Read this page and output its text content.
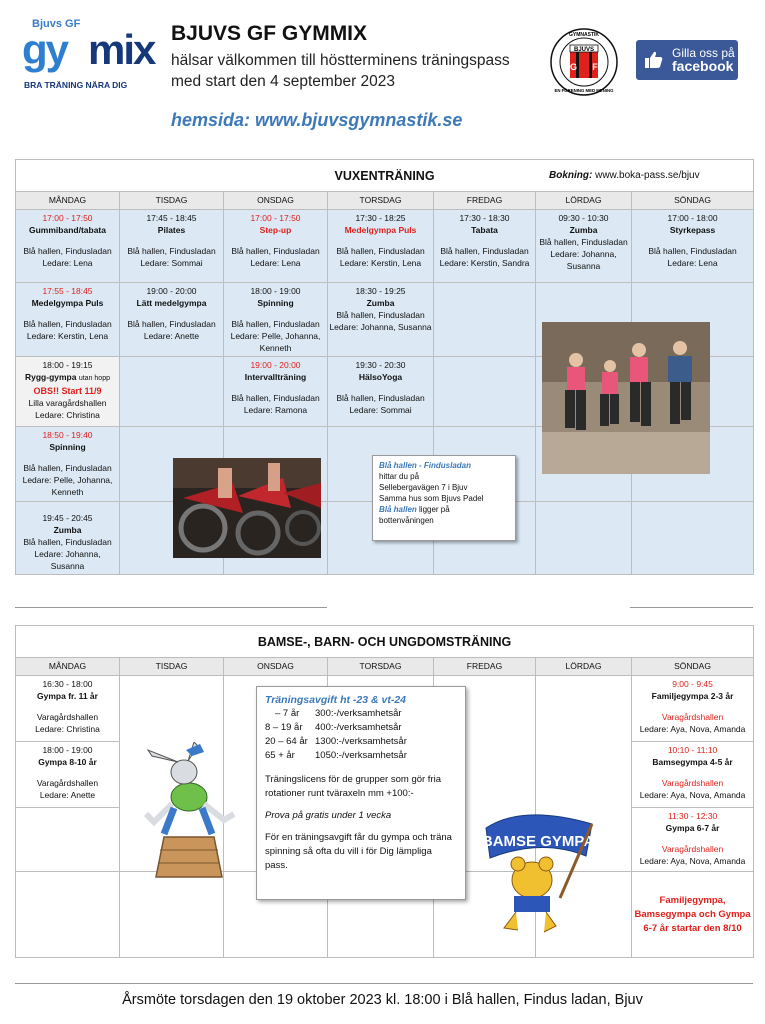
Bjuvs GF
gy mix
BRA TRÄNING NÄRA DIG
BJUVS GF GYMMIX
hälsar välkommen till höstterminens träningspass
med start den 4 september 2023
hemsida: www.bjuvsgymnastik.se
BJUVS
G F
GYMNASTIK
EN FÖRENING MED MENING
Gilla oss på
facebook
VUXENTRÄNING						
MÅNDAG	TISDAG	ONSDAG	TORSDAG	FREDAG	LÖRDAG	SÖNDAG

17:00 - 17:50
Gummiband/tabata
Blå hallen, Findusladan
Ledare: Lena	17:45 - 18:45
Pilates
Blå hallen, Findusladan
Ledare: Sommai	17:00 - 17:50
Step-up
Blå hallen, Findusladan
Ledare: Lena	17:30 - 18:25
Medelgympa Puls
Blå hallen, Findusladan
Ledare: Kerstin, Lena	17:30 - 18:30
Tabata
Blå hallen, Findusladan
Ledare: Kerstin, Sandra	09:30 - 10:30
Zumba
Blå hallen, Findusladan
Ledare: Johanna, Susanna	17:00 - 18:00
Styrkepass
Blå hallen, Findusladan
Ledare: Lena

17:55 - 18:45
Medelgympa Puls
Blå hallen, Findusladan
Ledare: Kerstin, Lena	19:00 - 20:00
Lätt medelgympa
Blå hallen, Findusladan
Ledare: Anette	18:00 - 19:00
Spinning
Blå hallen, Findusladan
Ledare: Pelle, Johanna, Kenneth	18:30 - 19:25
Zumba
Blå hallen, Findusladan
Ledare: Johanna, Susanna			

18:00 - 19:15
Rygg-gympa utan hopp
OBS!! Start 11/9
Lilla varagårdshallen
Ledare: Christina		19:00 - 20:00
Intervallträning
Blå hallen, Findusladan
Ledare: Ramona	19:30 - 20:30
HälsoYoga
Blå hallen, Findusladan
Ledare: Sommai			

18:50 - 19:40
Spinning
Blå hallen, Findusladan
Ledare: Pelle, Johanna, Kenneth						

19:45 - 20:45
Zumba
Blå hallen, Findusladan
Ledare: Johanna, Susanna						
Bokning: www.boka-pass.se/bjuv
Blå hallen - Findusladan
hittar du på
Sellebergavägen 7 i Bjuv
Samma hus som Bjuvs Padel
Blå hallen ligger på
bottenvåningen
BAMSE-, BARN- OCH UNGDOMSTRÄNING						
MÅNDAG	TISDAG	ONSDAG	TORSDAG	FREDAG	LÖRDAG	SÖNDAG

16:30 - 18:00
Gympa fr. 11 år
Varagårdshallen
Ledare: Christina						9:00 - 9:45
Familjegympa 2-3 år
Varagårdshallen
Ledare: Aya, Nova, Amanda

18:00 - 19:00
Gympa 8-10 år
Varagårdshallen
Ledare: Anette						10:10 - 11:10
Bamsegympa 4-5 år
Varagårdshallen
Ledare: Aya, Nova, Amanda

						11:30 - 12:30
Gympa 6-7 år
Varagårdshallen
Ledare: Aya, Nova, Amanda
						Familjegympa, Bamsegympa och Gympa 6-7 år startar den 8/10
Träningsavgift ht -23 & vt-24
– 7 år	300:-/verksamhetsår
8 – 19 år	400:-/verksamhetsår
20 – 64 år 1300:-/verksamhetsår
65 + år	1050:-/verksamhetsår
Träningslicens för de grupper som gör fria rotationer runt tväraxeln mm +100:-
Prova på gratis under 1 vecka
För en träningsavgift får du gympa och träna spinning så ofta du vill i för Dig lämpliga pass.
BAMSE GYMPA
Årsmöte torsdagen den 19 oktober 2023 kl. 18:00 i Blå hallen, Findus ladan, Bjuv
